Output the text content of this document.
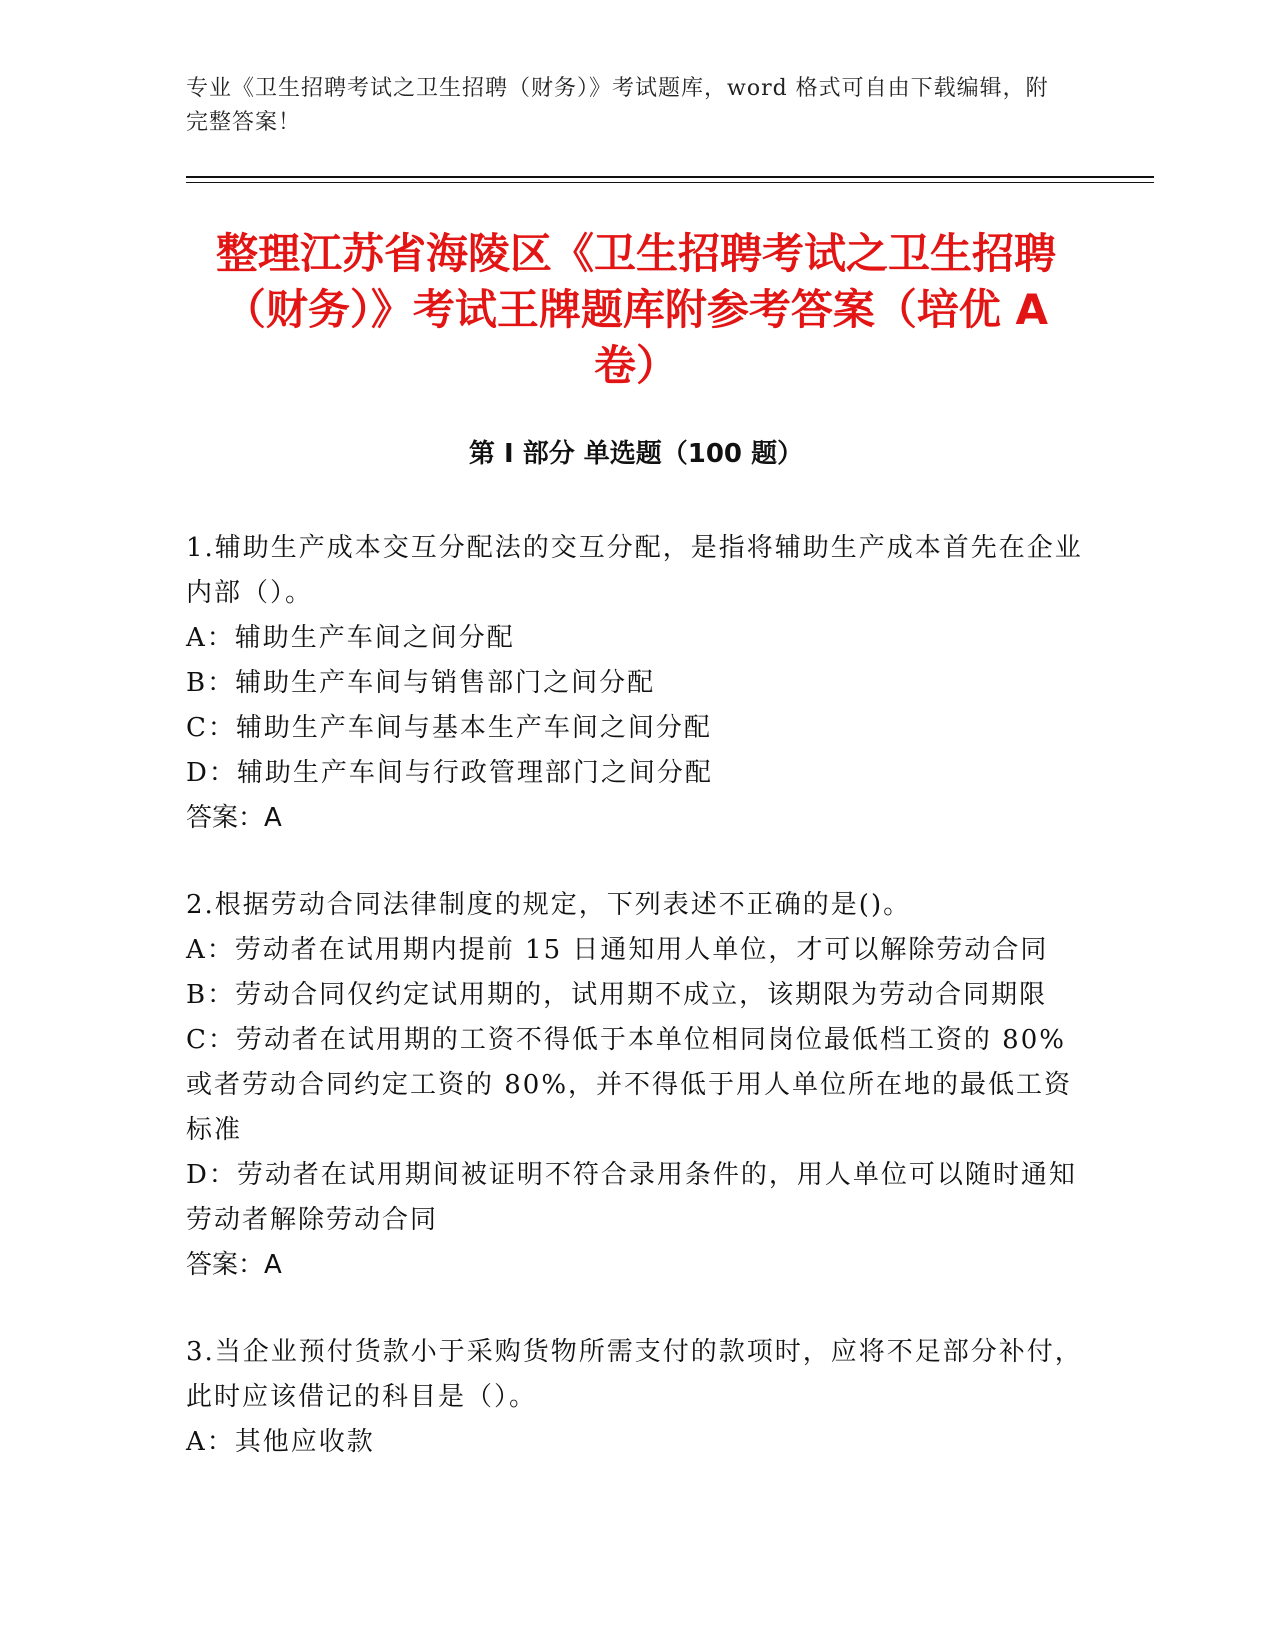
专业《卫生招聘考试之卫生招聘（财务）》考试题库，word 格式可自由下载编辑，附完整答案！
整理江苏省海陵区《卫生招聘考试之卫生招聘（财务）》考试王牌题库附参考答案（培优 A 卷）
第 I 部分 单选题（100 题）

1.辅助生产成本交互分配法的交互分配，是指将辅助生产成本首先在企业内部（）。

A：辅助生产车间之间分配

B：辅助生产车间与销售部门之间分配

C：辅助生产车间与基本生产车间之间分配

D：辅助生产车间与行政管理部门之间分配

答案：A

2.根据劳动合同法律制度的规定，下列表述不正确的是()。

A：劳动者在试用期内提前 15 日通知用人单位，才可以解除劳动合同

B：劳动合同仅约定试用期的，试用期不成立，该期限为劳动合同期限

C：劳动者在试用期的工资不得低于本单位相同岗位最低档工资的 80%或者劳动合同约定工资的 80%，并不得低于用人单位所在地的最低工资标准

D：劳动者在试用期间被证明不符合录用条件的，用人单位可以随时通知劳动者解除劳动合同

答案：A

3.当企业预付货款小于采购货物所需支付的款项时，应将不足部分补付，此时应该借记的科目是（）。

A：其他应收款
